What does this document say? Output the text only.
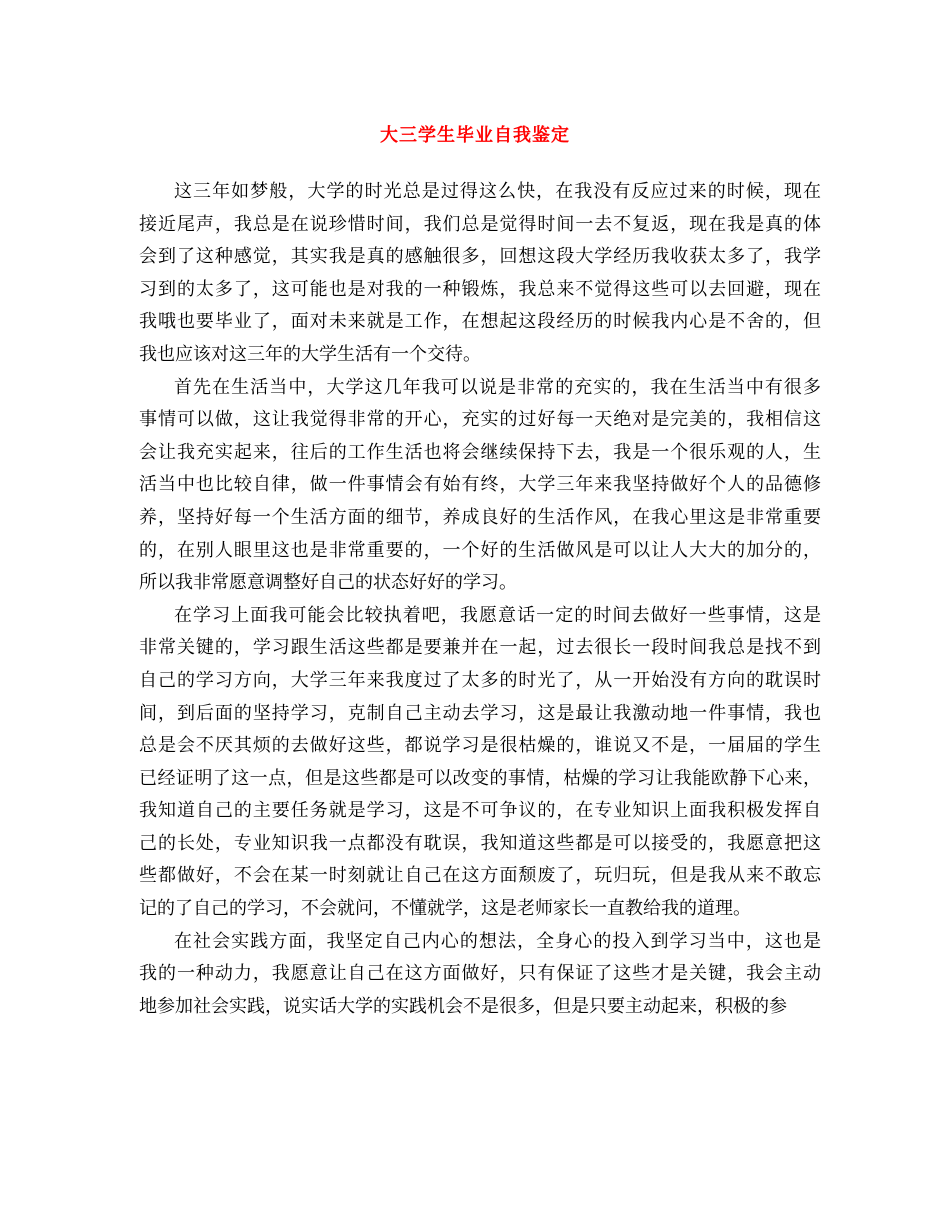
大三学生毕业自我鉴定
这三年如梦般，大学的时光总是过得这么快，在我没有反应过来的时候，现在
接近尾声，我总是在说珍惜时间，我们总是觉得时间一去不复返，现在我是真的体
会到了这种感觉，其实我是真的感触很多，回想这段大学经历我收获太多了，我学
习到的太多了，这可能也是对我的一种锻炼，我总来不觉得这些可以去回避，现在
我哦也要毕业了，面对未来就是工作，在想起这段经历的时候我内心是不舍的，但
我也应该对这三年的大学生活有一个交待。
首先在生活当中，大学这几年我可以说是非常的充实的，我在生活当中有很多
事情可以做，这让我觉得非常的开心，充实的过好每一天绝对是完美的，我相信这
会让我充实起来，往后的工作生活也将会继续保持下去，我是一个很乐观的人，生
活当中也比较自律，做一件事情会有始有终，大学三年来我坚持做好个人的品德修
养，坚持好每一个生活方面的细节，养成良好的生活作风，在我心里这是非常重要
的，在别人眼里这也是非常重要的，一个好的生活做风是可以让人大大的加分的，
所以我非常愿意调整好自己的状态好好的学习。
在学习上面我可能会比较执着吧，我愿意话一定的时间去做好一些事情，这是
非常关键的，学习跟生活这些都是要兼并在一起，过去很长一段时间我总是找不到
自己的学习方向，大学三年来我度过了太多的时光了，从一开始没有方向的耽误时
间，到后面的坚持学习，克制自己主动去学习，这是最让我激动地一件事情，我也
总是会不厌其烦的去做好这些，都说学习是很枯燥的，谁说又不是，一届届的学生
已经证明了这一点，但是这些都是可以改变的事情，枯燥的学习让我能欧静下心来，
我知道自己的主要任务就是学习，这是不可争议的，在专业知识上面我积极发挥自
己的长处，专业知识我一点都没有耽误，我知道这些都是可以接受的，我愿意把这
些都做好，不会在某一时刻就让自己在这方面颓废了，玩归玩，但是我从来不敢忘
记的了自己的学习，不会就问，不懂就学，这是老师家长一直教给我的道理。
在社会实践方面，我坚定自己内心的想法，全身心的投入到学习当中，这也是
我的一种动力，我愿意让自己在这方面做好，只有保证了这些才是关键，我会主动
地参加社会实践，说实话大学的实践机会不是很多，但是只要主动起来，积极的参
